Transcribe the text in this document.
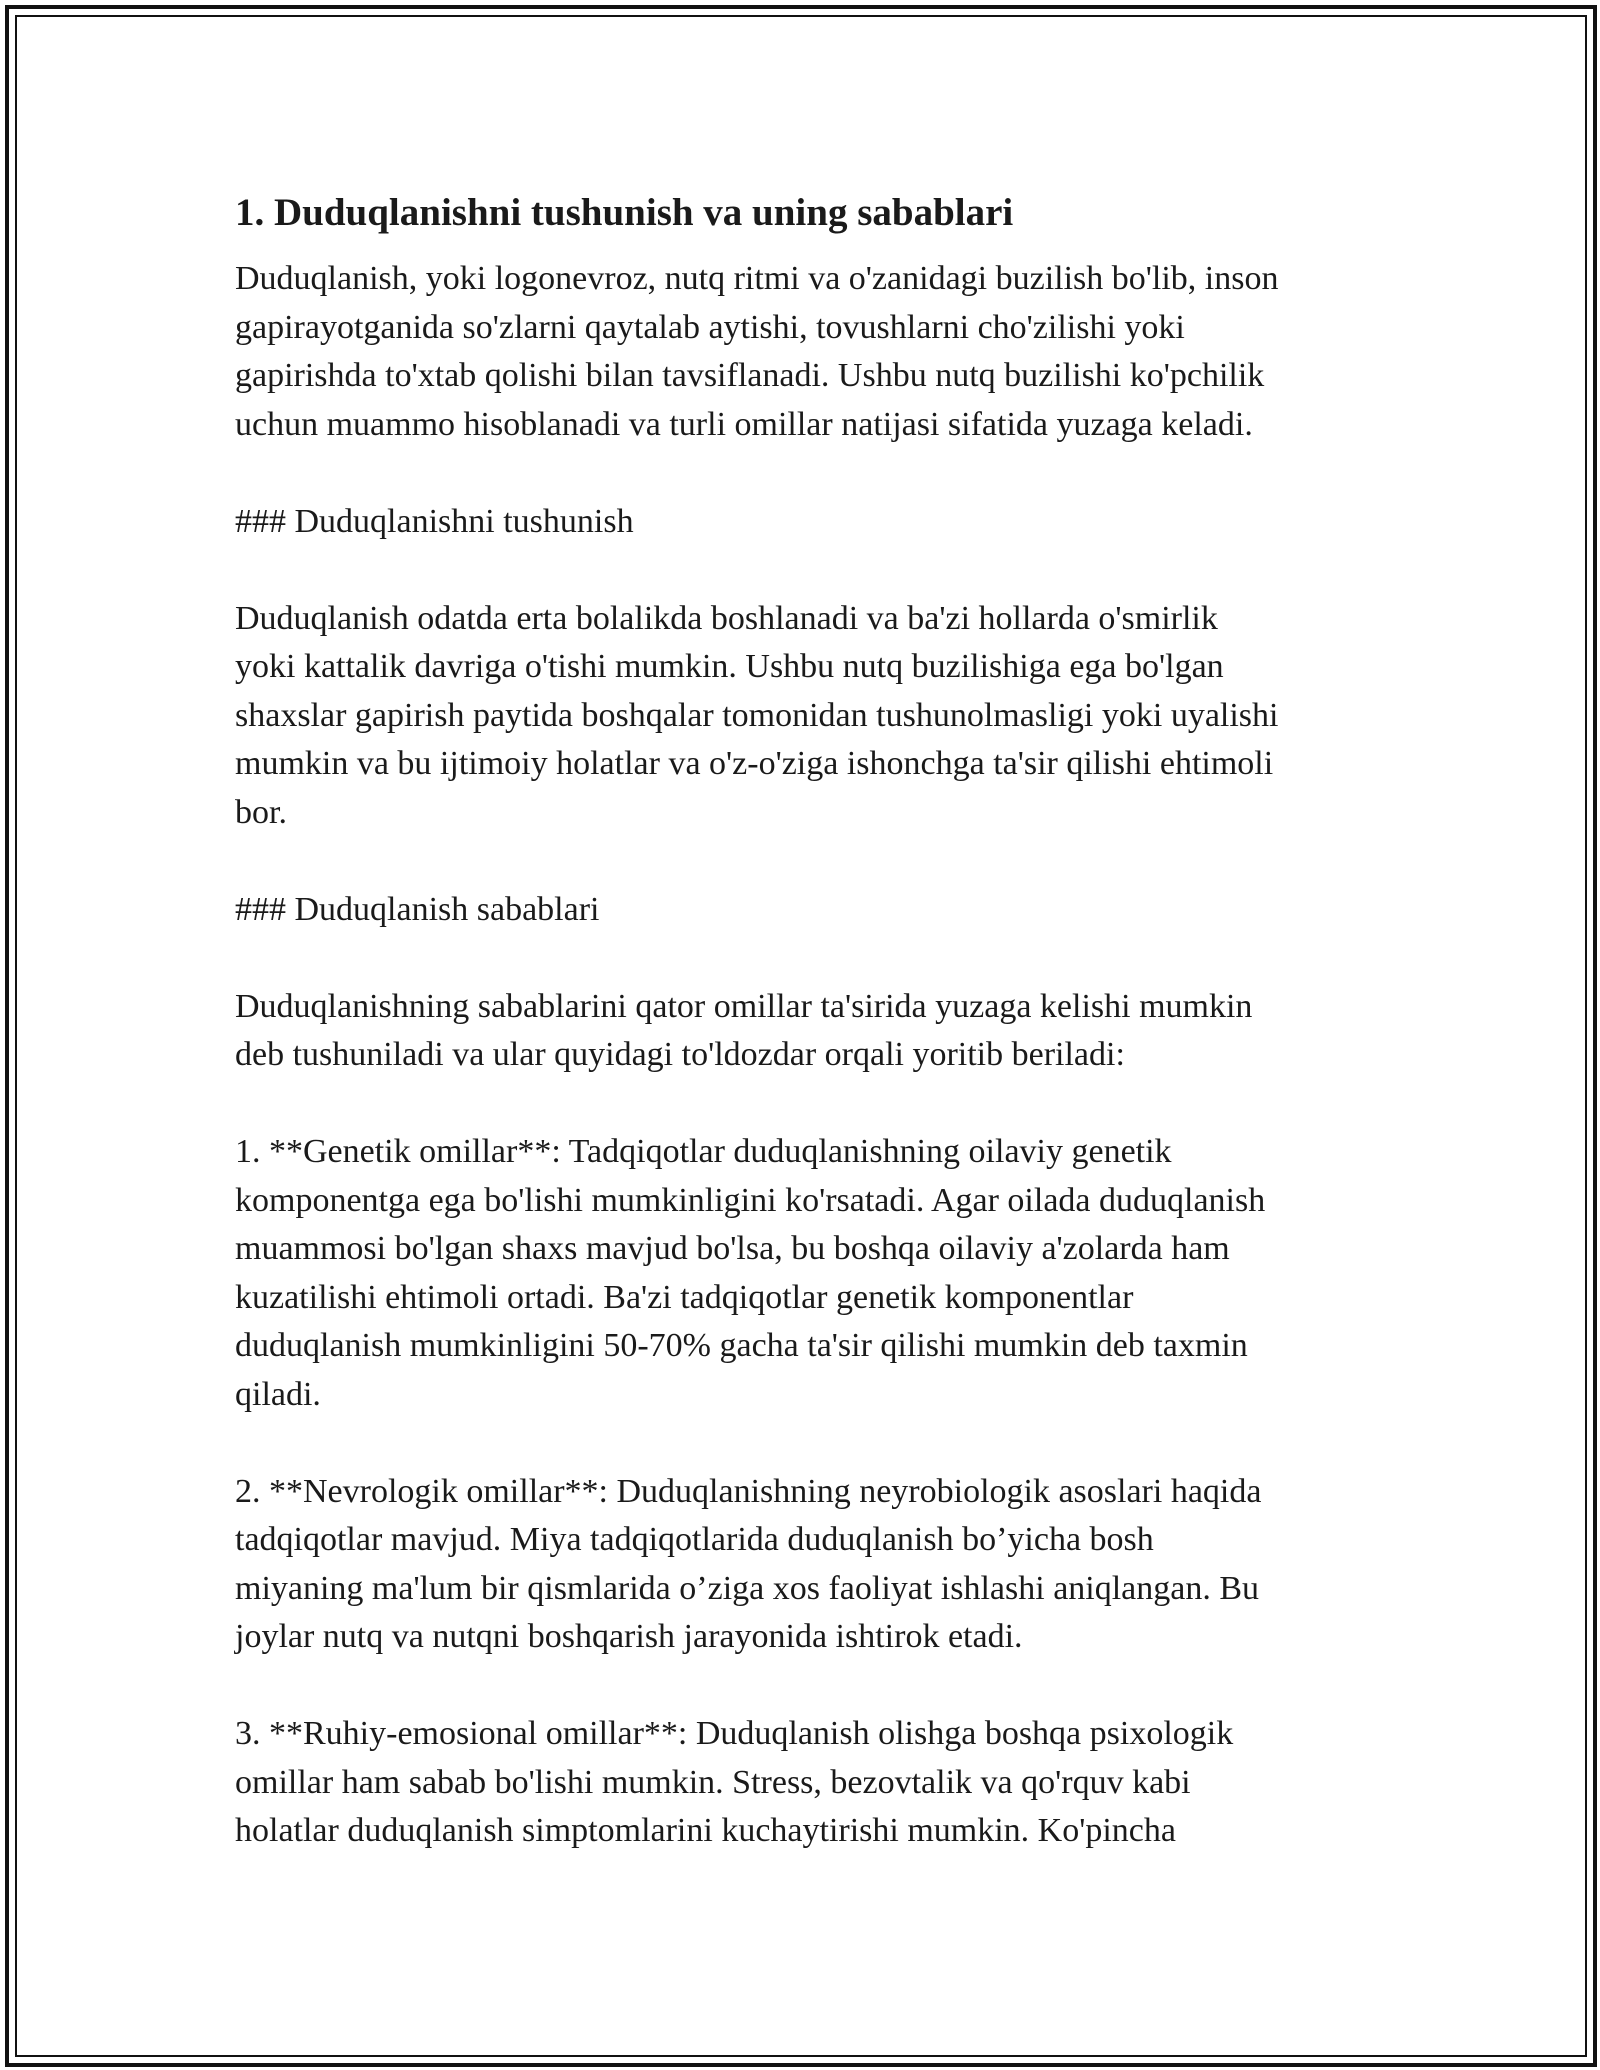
1. Duduqlanishni tushunish va uning sabablari
Duduqlanish, yoki logonevroz, nutq ritmi va o'zanidagi buzilish bo'lib, inson
gapirayotganida so'zlarni qaytalab aytishi, tovushlarni cho'zilishi yoki
gapirishda to'xtab qolishi bilan tavsiflanadi. Ushbu nutq buzilishi ko'pchilik
uchun muammo hisoblanadi va turli omillar natijasi sifatida yuzaga keladi.
### Duduqlanishni tushunish
Duduqlanish odatda erta bolalikda boshlanadi va ba'zi hollarda o'smirlik
yoki kattalik davriga o'tishi mumkin. Ushbu nutq buzilishiga ega bo'lgan
shaxslar gapirish paytida boshqalar tomonidan tushunolmasligi yoki uyalishi
mumkin va bu ijtimoiy holatlar va o'z-o'ziga ishonchga ta'sir qilishi ehtimoli
bor.
### Duduqlanish sabablari
Duduqlanishning sabablarini qator omillar ta'sirida yuzaga kelishi mumkin
deb tushuniladi va ular quyidagi to'ldozdar orqali yoritib beriladi:
1. **Genetik omillar**: Tadqiqotlar duduqlanishning oilaviy genetik
komponentga ega bo'lishi mumkinligini ko'rsatadi. Agar oilada duduqlanish
muammosi bo'lgan shaxs mavjud bo'lsa, bu boshqa oilaviy a'zolarda ham
kuzatilishi ehtimoli ortadi. Ba'zi tadqiqotlar genetik komponentlar
duduqlanish mumkinligini 50-70% gacha ta'sir qilishi mumkin deb taxmin
qiladi.
2. **Nevrologik omillar**: Duduqlanishning neyrobiologik asoslari haqida
tadqiqotlar mavjud. Miya tadqiqotlarida duduqlanish bo’yicha bosh
miyaning ma'lum bir qismlarida o’ziga xos faoliyat ishlashi aniqlangan. Bu
joylar nutq va nutqni boshqarish jarayonida ishtirok etadi.
3. **Ruhiy-emosional omillar**: Duduqlanish olishga boshqa psixologik
omillar ham sabab bo'lishi mumkin. Stress, bezovtalik va qo'rquv kabi
holatlar duduqlanish simptomlarini kuchaytirishi mumkin. Ko'pincha
